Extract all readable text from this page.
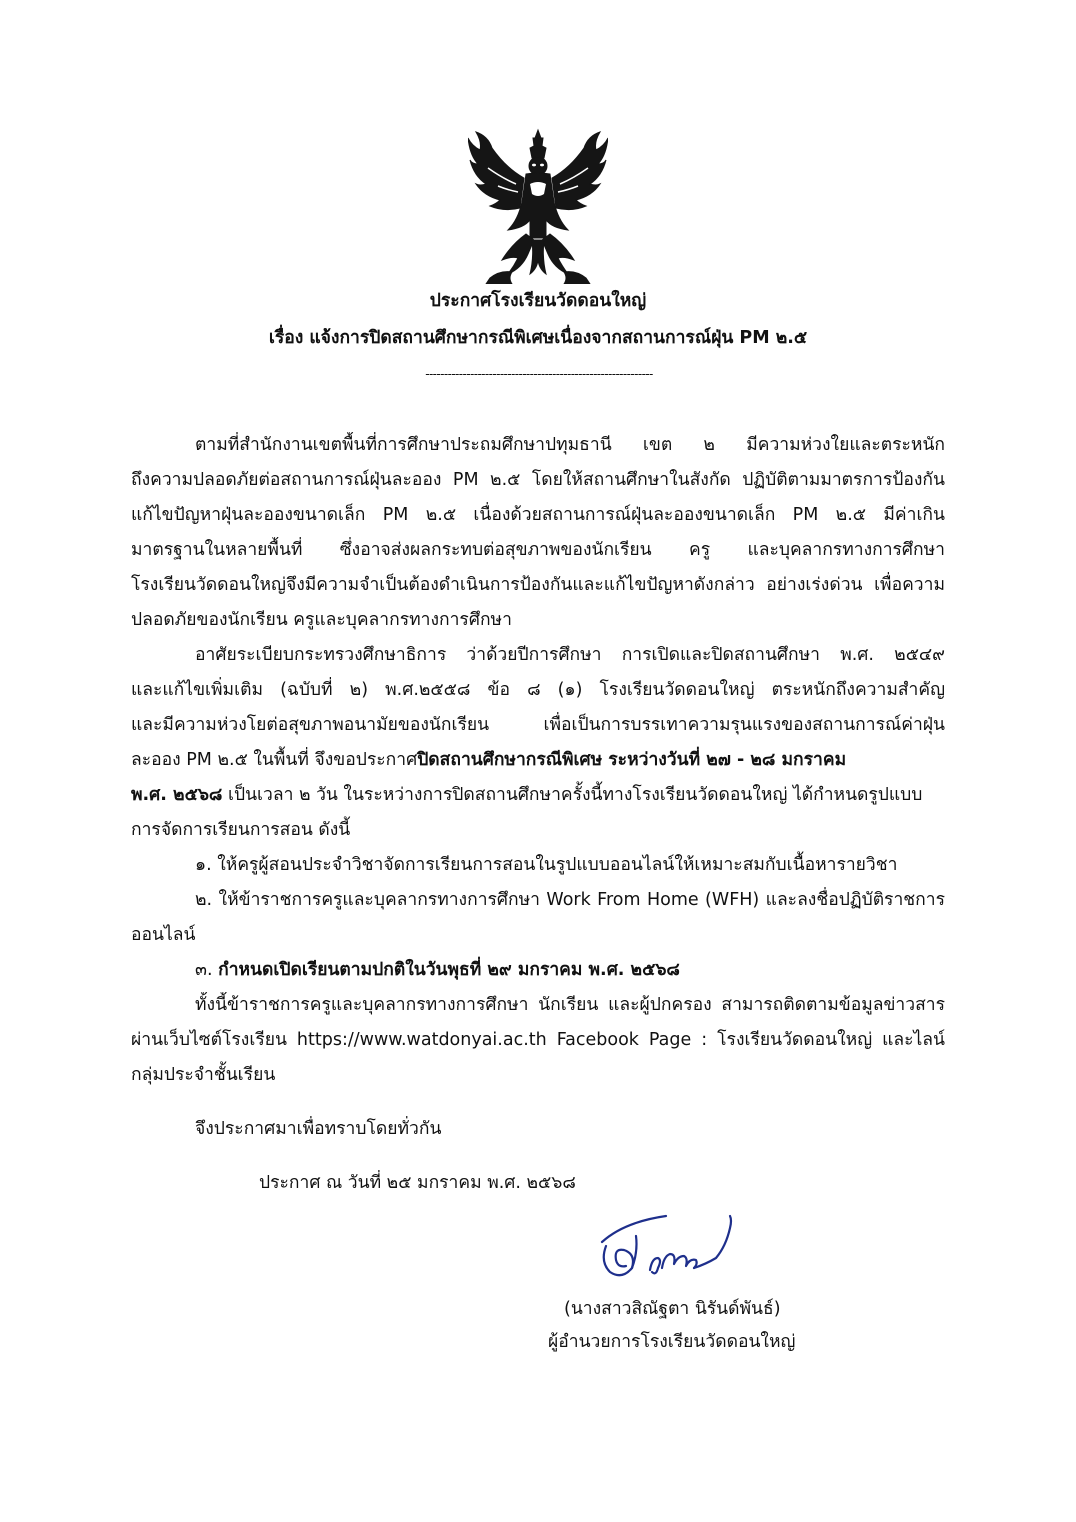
ประกาศโรงเรียนวัดดอนใหญ่
เรื่อง แจ้งการปิดสถานศึกษากรณีพิเศษเนื่องจากสถานการณ์ฝุ่น PM ๒.๕
-------------------------------------------------------------
ตามที่สำนักงานเขตพื้นที่การศึกษาประถมศึกษาปทุมธานี เขต ๒ มีความห่วงใยและตระหนัก
ถึงความปลอดภัยต่อสถานการณ์ฝุ่นละออง PM ๒.๕ โดยให้สถานศึกษาในสังกัด ปฏิบัติตามมาตรการป้องกัน
แก้ไขปัญหาฝุ่นละอองขนาดเล็ก PM ๒.๕ เนื่องด้วยสถานการณ์ฝุ่นละอองขนาดเล็ก PM ๒.๕ มีค่าเกิน
มาตรฐานในหลายพื้นที่ ซึ่งอาจส่งผลกระทบต่อสุขภาพของนักเรียน ครู และบุคลากรทางการศึกษา
โรงเรียนวัดดอนใหญ่จึงมีความจำเป็นต้องดำเนินการป้องกันและแก้ไขปัญหาดังกล่าว อย่างเร่งด่วน เพื่อความ
ปลอดภัยของนักเรียน ครูและบุคลากรทางการศึกษา
อาศัยระเบียบกระทรวงศึกษาธิการ ว่าด้วยปีการศึกษา การเปิดและปิดสถานศึกษา พ.ศ. ๒๕๔๙
และแก้ไขเพิ่มเติม (ฉบับที่ ๒) พ.ศ.๒๕๕๘ ข้อ ๘ (๑) โรงเรียนวัดดอนใหญ่ ตระหนักถึงความสำคัญ
และมีความห่วงโยต่อสุขภาพอนามัยของนักเรียน เพื่อเป็นการบรรเทาความรุนแรงของสถานการณ์ค่าฝุ่น
ละออง PM ๒.๕ ในพื้นที่ จึงขอประกาศปิดสถานศึกษากรณีพิเศษ ระหว่างวันที่ ๒๗ - ๒๘ มกราคม
พ.ศ. ๒๕๖๘ เป็นเวลา ๒ วัน ในระหว่างการปิดสถานศึกษาครั้งนี้ทางโรงเรียนวัดดอนใหญ่ ได้กำหนดรูปแบบ
การจัดการเรียนการสอน ดังนี้
๑. ให้ครูผู้สอนประจำวิชาจัดการเรียนการสอนในรูปแบบออนไลน์ให้เหมาะสมกับเนื้อหารายวิชา
๒. ให้ข้าราชการครูและบุคลากรทางการศึกษา Work From Home (WFH) และลงชื่อปฏิบัติราชการ
ออนไลน์
๓. กำหนดเปิดเรียนตามปกติในวันพุธที่ ๒๙ มกราคม พ.ศ. ๒๕๖๘
ทั้งนี้ข้าราชการครูและบุคลากรทางการศึกษา นักเรียน และผู้ปกครอง สามารถติดตามข้อมูลข่าวสาร
ผ่านเว็บไซต์โรงเรียน https://www.watdonyai.ac.th Facebook Page : โรงเรียนวัดดอนใหญ่ และไลน์
กลุ่มประจำชั้นเรียน
จึงประกาศมาเพื่อทราบโดยทั่วกัน
ประกาศ ณ วันที่ ๒๕ มกราคม พ.ศ. ๒๕๖๘
(นางสาวสิณัฐตา นิรันด์พันธ์)
ผู้อำนวยการโรงเรียนวัดดอนใหญ่
